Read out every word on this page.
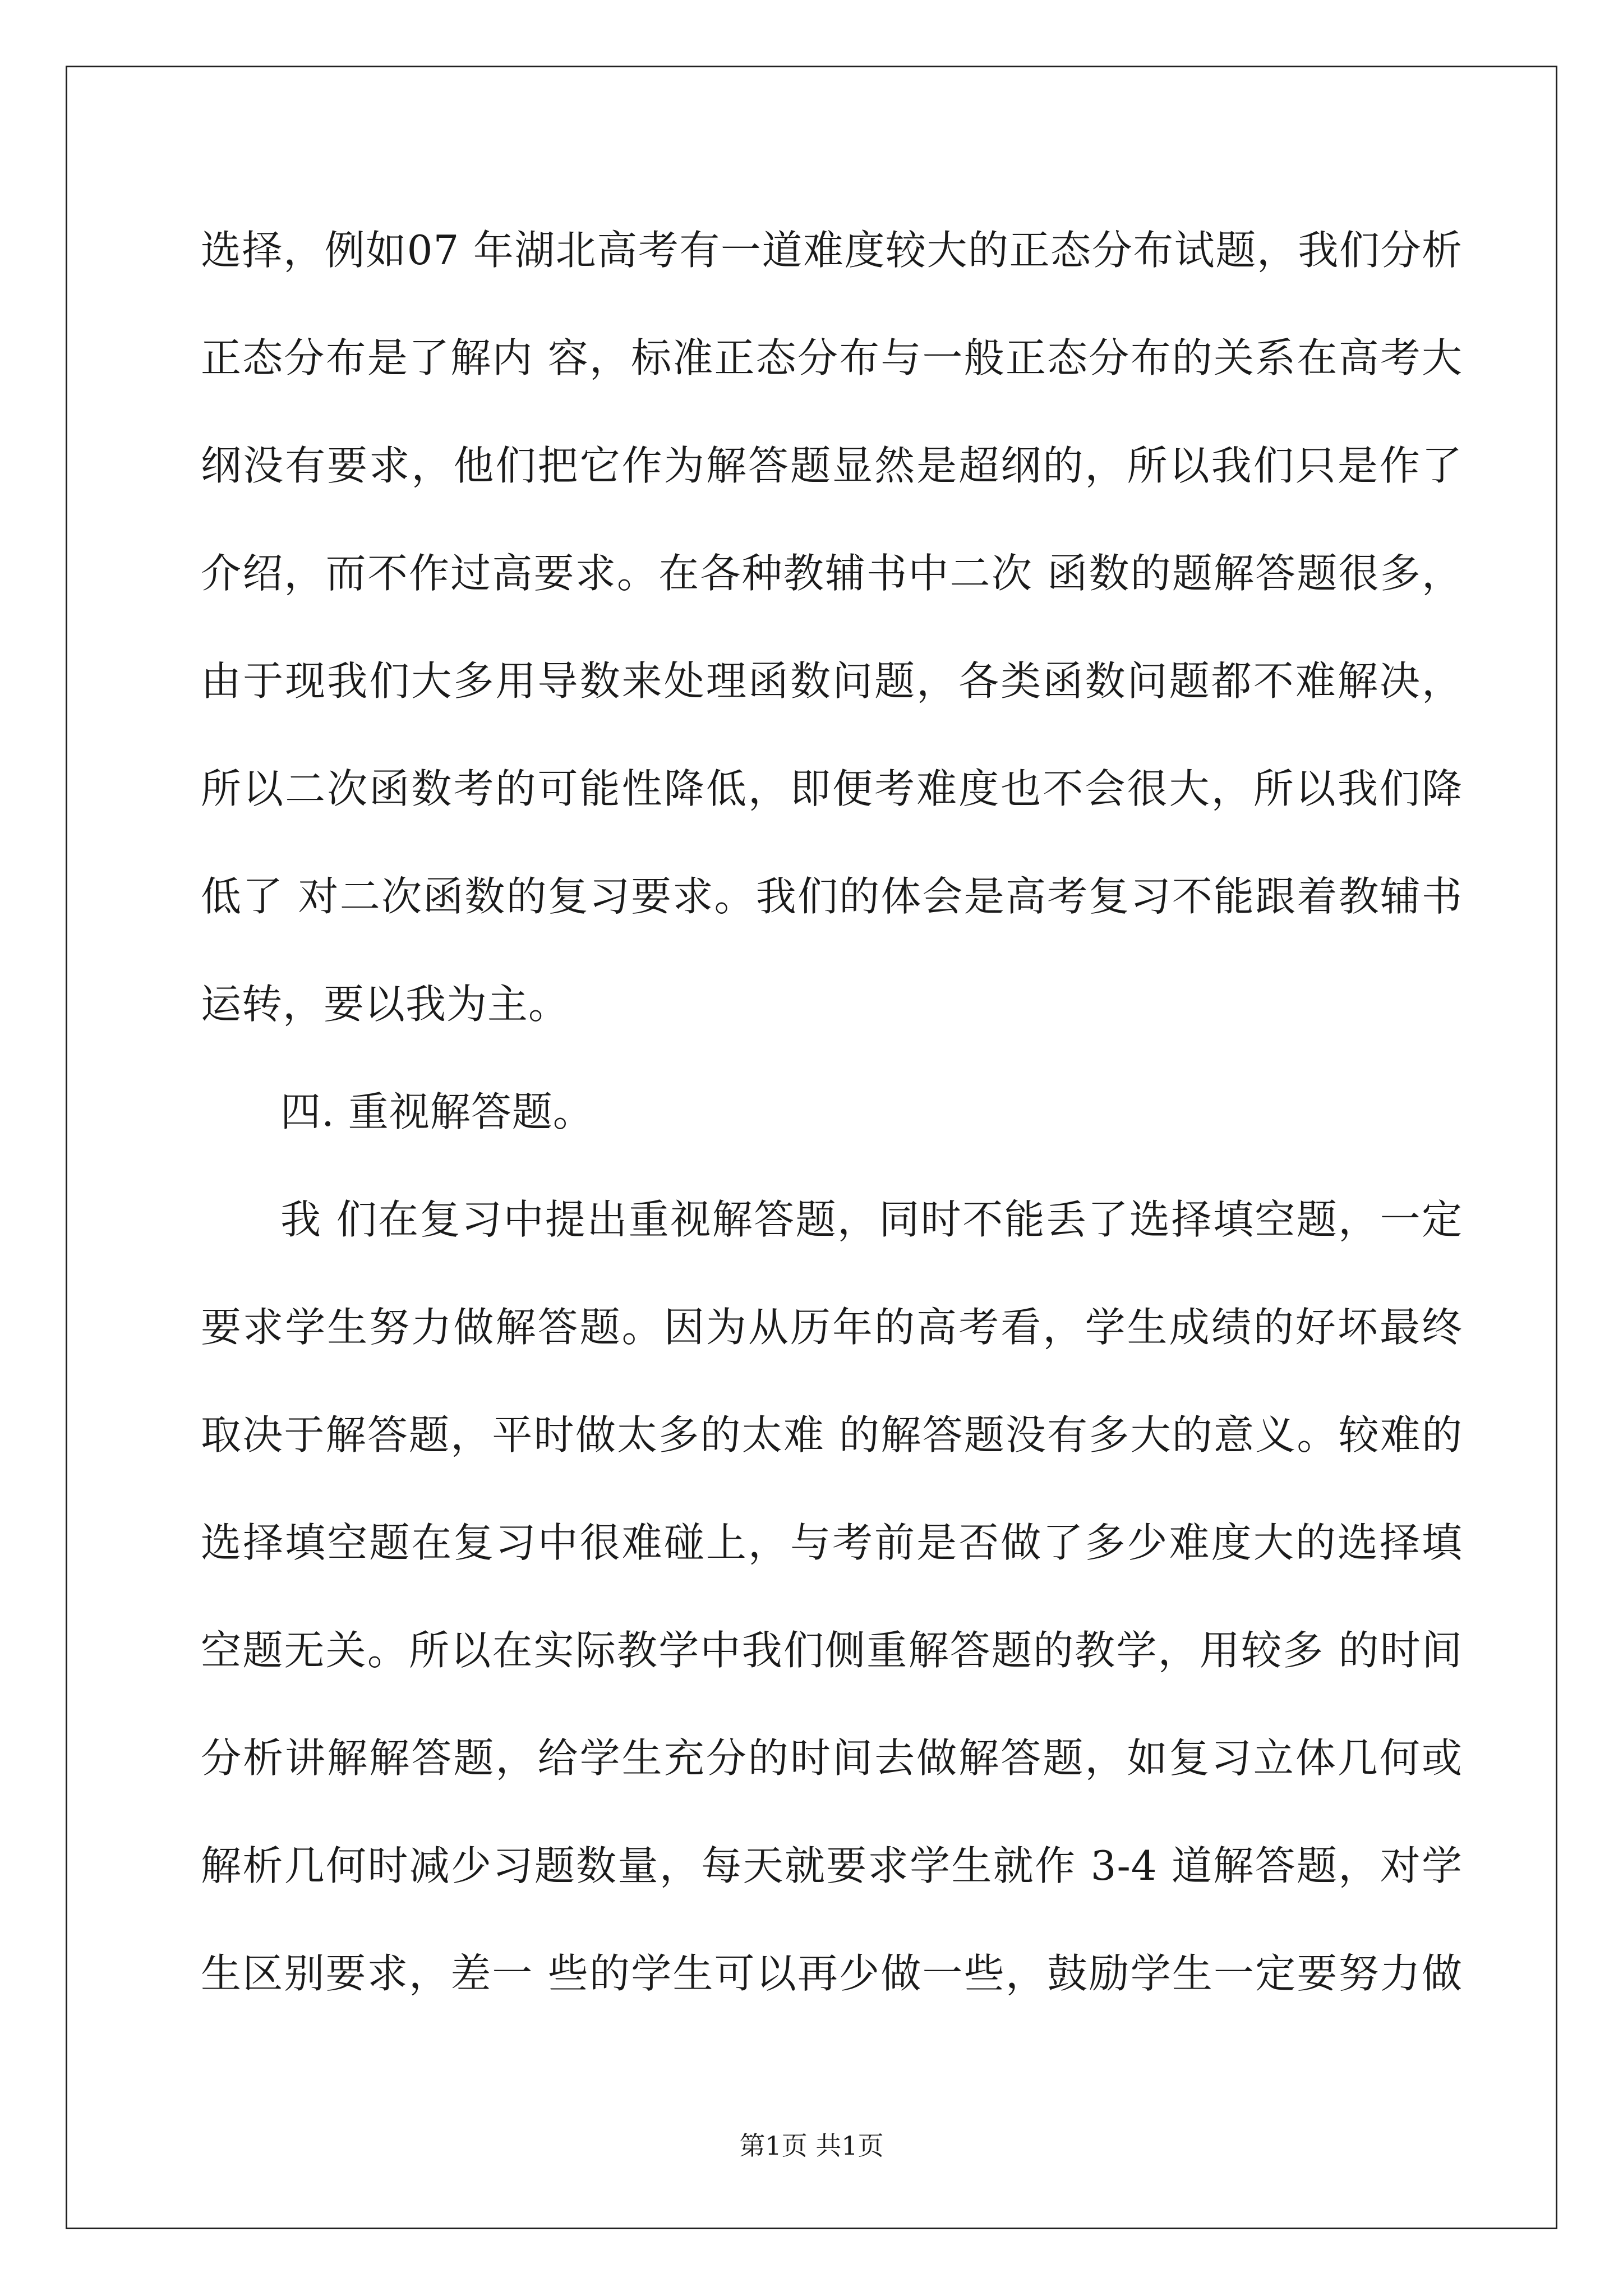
选择，例如07 年湖北高考有一道难度较大的正态分布试题，我们分析
正态分布是了解内 容，标准正态分布与一般正态分布的关系在高考大
纲没有要求，他们把它作为解答题显然是超纲的，所以我们只是作了
介绍，而不作过高要求。在各种教辅书中二次 函数的题解答题很多，
由于现我们大多用导数来处理函数问题，各类函数问题都不难解决，
所以二次函数考的可能性降低，即便考难度也不会很大，所以我们降
低了 对二次函数的复习要求。我们的体会是高考复习不能跟着教辅书
运转，要以我为主。
四. 重视解答题。
我 们在复习中提出重视解答题，同时不能丢了选择填空题，一定
要求学生努力做解答题。因为从历年的高考看，学生成绩的好坏最终
取决于解答题，平时做太多的太难 的解答题没有多大的意义。较难的
选择填空题在复习中很难碰上，与考前是否做了多少难度大的选择填
空题无关。所以在实际教学中我们侧重解答题的教学，用较多 的时间
分析讲解解答题，给学生充分的时间去做解答题，如复习立体几何或
解析几何时减少习题数量，每天就要求学生就作 3-4 道解答题，对学
生区别要求，差一 些的学生可以再少做一些，鼓励学生一定要努力做
第1页 共1页
